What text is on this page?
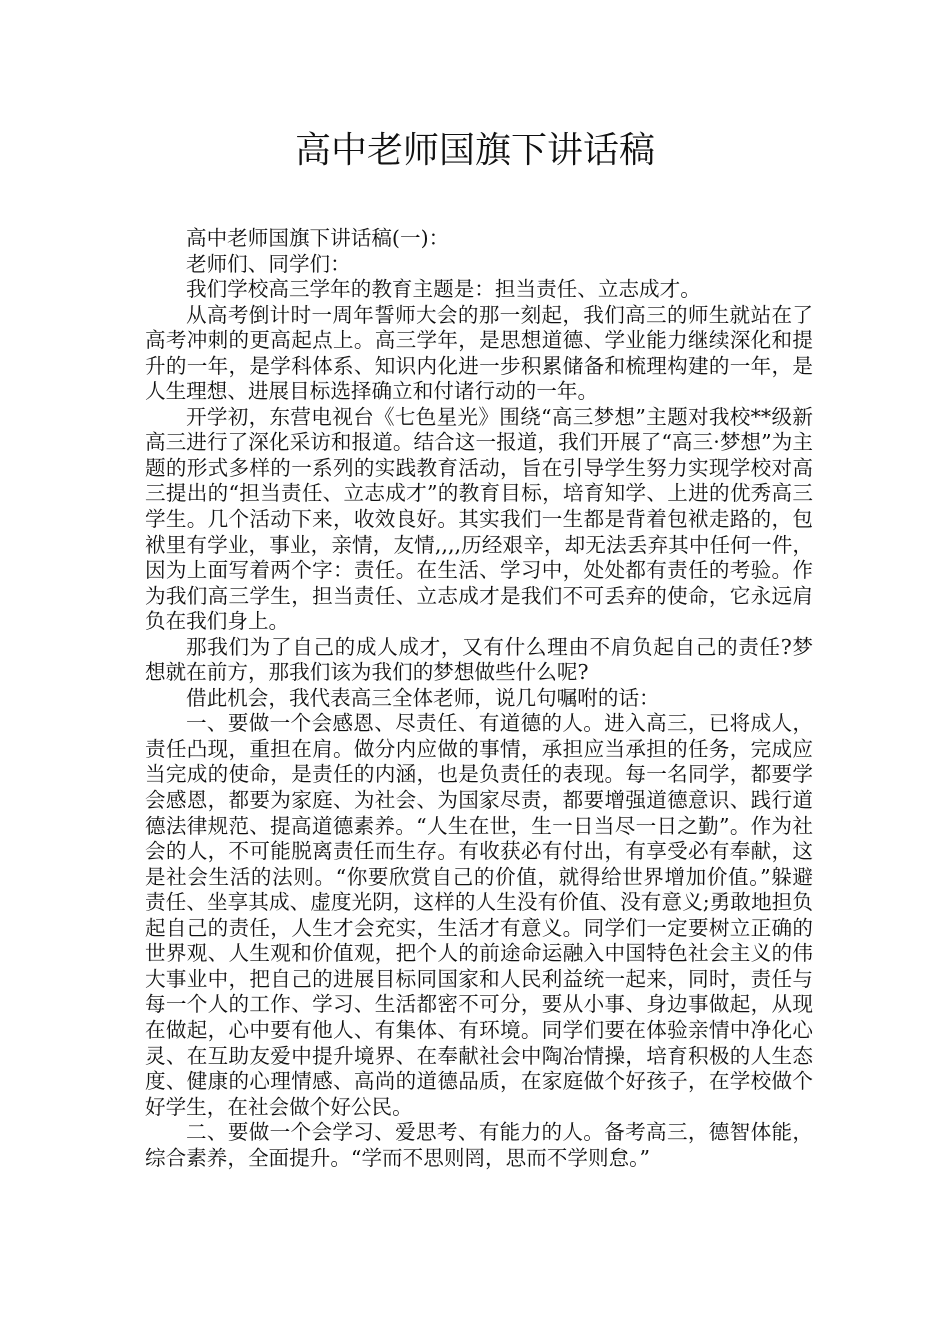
高中老师国旗下讲话稿

高中老师国旗下讲话稿(一)：

老师们、同学们：

我们学校高三学年的教育主题是：担当责任、立志成才。

从高考倒计时一周年誓师大会的那一刻起，我们高三的师生就站在了高考冲刺的更高起点上。高三学年，是思想道德、学业能力继续深化和提升的一年，是学科体系、知识内化进一步积累储备和梳理构建的一年，是人生理想、进展目标选择确立和付诸行动的一年。

开学初，东营电视台《七色星光》围绕“高三梦想”主题对我校**级新高三进行了深化采访和报道。结合这一报道，我们开展了“高三·梦想”为主题的形式多样的一系列的实践教育活动，旨在引导学生努力实现学校对高三提出的“担当责任、立志成才”的教育目标，培育知学、上进的优秀高三学生。几个活动下来，收效良好。其实我们一生都是背着包袱走路的，包袱里有学业，事业，亲情，友情,,,,历经艰辛，却无法丢弃其中任何一件，因为上面写着两个字：责任。在生活、学习中，处处都有责任的考验。作为我们高三学生，担当责任、立志成才是我们不可丢弃的使命，它永远肩负在我们身上。

那我们为了自己的成人成才，又有什么理由不肩负起自己的责任?梦想就在前方，那我们该为我们的梦想做些什么呢?

借此机会，我代表高三全体老师，说几句嘱咐的话：

一、要做一个会感恩、尽责任、有道德的人。进入高三，已将成人，责任凸现，重担在肩。做分内应做的事情，承担应当承担的任务，完成应当完成的使命，是责任的内涵，也是负责任的表现。每一名同学，都要学会感恩，都要为家庭、为社会、为国家尽责，都要增强道德意识、践行道德法律规范、提高道德素养。“人生在世，生一日当尽一日之勤”。作为社会的人，不可能脱离责任而生存。有收获必有付出，有享受必有奉献，这是社会生活的法则。“你要欣赏自己的价值，就得给世界增加价值。”躲避责任、坐享其成、虚度光阴，这样的人生没有价值、没有意义;勇敢地担负起自己的责任，人生才会充实，生活才有意义。同学们一定要树立正确的世界观、人生观和价值观，把个人的前途命运融入中国特色社会主义的伟大事业中，把自己的进展目标同国家和人民利益统一起来，同时，责任与每一个人的工作、学习、生活都密不可分，要从小事、身边事做起，从现在做起，心中要有他人、有集体、有环境。同学们要在体验亲情中净化心灵、在互助友爱中提升境界、在奉献社会中陶冶情操，培育积极的人生态度、健康的心理情感、高尚的道德品质，在家庭做个好孩子，在学校做个好学生，在社会做个好公民。

二、要做一个会学习、爱思考、有能力的人。备考高三，德智体能，综合素养，全面提升。“学而不思则罔，思而不学则怠。”
